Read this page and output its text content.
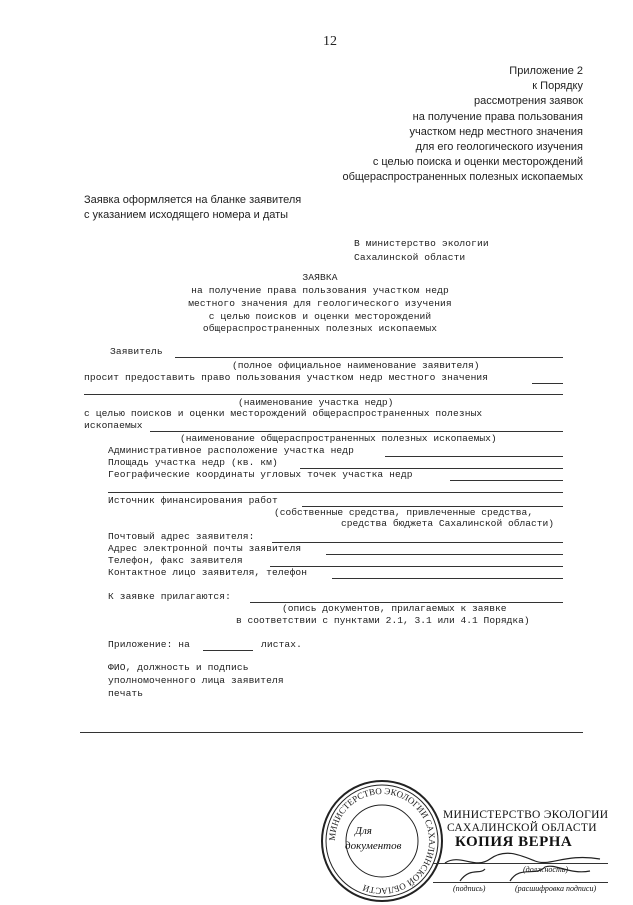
12
Приложение 2
к Порядку
рассмотрения заявок
на получение права пользования
участком недр местного значения
для его геологического изучения
с целью поиска и оценки месторождений
общераспространенных полезных ископаемых
Заявка оформляется на бланке заявителя
с указанием исходящего номера и даты
В министерство экологии
Сахалинской области
ЗАЯВКА
на получение права пользования участком недр
местного значения для геологического изучения
с целью поисков и оценки месторождений
общераспространенных полезных ископаемых
Заявитель
(полное официальное наименование заявителя)
просит предоставить право пользования участком недр местного значения
(наименование участка недр)
с целью поисков и оценки месторождений общераспространенных полезных
ископаемых
(наименование общераспространенных полезных ископаемых)
Административное расположение участка недр
Площадь участка недр (кв. км)
Географические координаты угловых точек участка недр
Источник финансирования работ
(собственные средства, привлеченные средства,
средства бюджета Сахалинской области)
Почтовый адрес заявителя:
Адрес электронной почты заявителя
Телефон, факс заявителя
Контактное лицо заявителя, телефон
К заявке прилагаются:
(опись документов, прилагаемых к заявке
в соответствии с пунктами 2.1, 3.1 или 4.1 Порядка)
Приложение: на	листах.
ФИО, должность и подпись
уполномоченного лица заявителя
печать
МИНИСТЕРСТВО ЭКОЛОГИИ САХАЛИНСКОЙ ОБЛАСТИ
Для
документов
МИНИСТЕРСТВО ЭКОЛОГИИ
САХАЛИНСКОЙ ОБЛАСТИ
КОПИЯ ВЕРНА
(должность)
(подпись)	(расшифровка подписи)
